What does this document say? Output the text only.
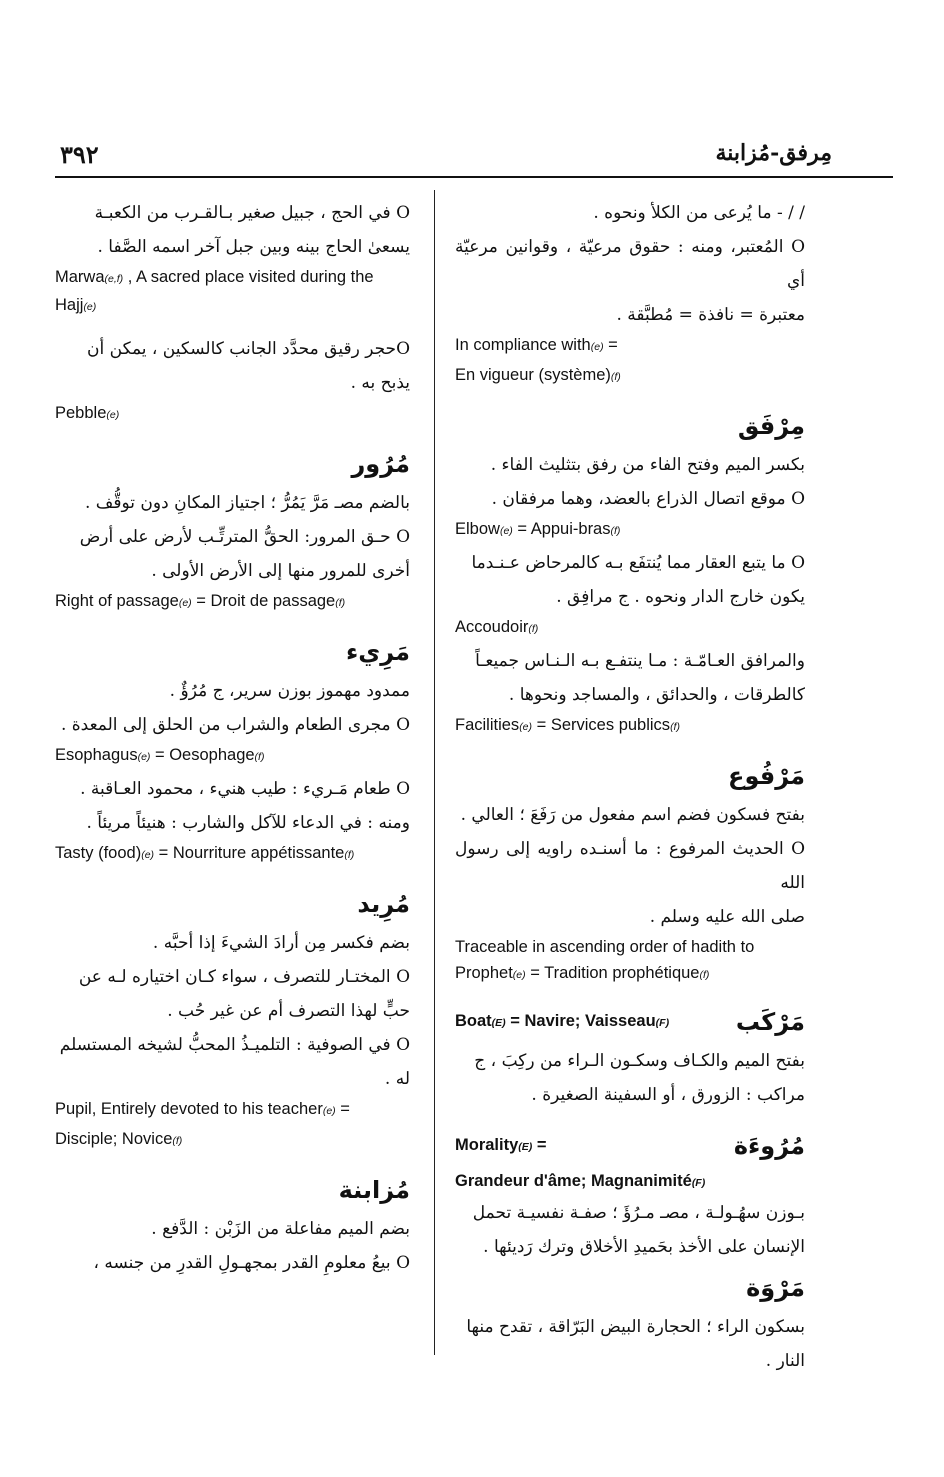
٣٩٢	مِرفق-مُزابنة

/ / - ما يُرعى من الكلأ ونحوه .

O المُعتبر، ومنه : حقوق مرعيّة ، وقوانين مرعيّة أي

معتبرة = نافذة = مُطبَّقة .

In compliance with(e) =

En vigueur (système)(f)

مِرْفَق

بكسر الميم وفتح الفاء من رفق بتثليث الفاء .

O موقع اتصال الذراع بالعضد، وهما مرفقان .

Elbow(e) = Appui-bras(f)

O ما يتبع العقار مما يُنتفَع بـه كالمرحاض عـنـدما

يكون خارج الدار ونحوه . ج مرافِق .

Accoudoir(f)

والمرافق العـامّـة : مـا ينتفـع بـه الـنـاس جميعـاً

كالطرقات ، والحدائق ، والمساجد ونحوها .

Facilities(e) = Services publics(f)

مَرْفُوع

بفتح فسكون فضم اسم مفعول من رَفَعَ ؛ العالي .

O الحديث المرفوع : ما أسنـده راويه إلى رسول الله

صلى الله عليه وسلم .

Traceable in ascending order of hadith to Prophet(e) = Tradition prophétique(f)

Boat(E) = Navire; Vaisseau(F)	مَرْكَب

بفتح الميم والكـاف وسكـون الـراء من ركِبَ ، ج

مراكب : الزورق ، أو السفينة الصغيرة .

Morality(E) =	مُرُوءَة

Grandeur d'âme; Magnanimité(F)

بـوزن سهُـولـة ، مصـ مـرُؤَ ؛ صفـة نفسيـة تحمل

الإنسان على الأخذ بحَميدِ الأخلاق وترك رَديئها .

مَرْوَة

بسكون الراء ؛ الحجارة البيض البَرّاقة ، تقدح منها

النار .

O في الحج ، جبيل صغير بـالقـرب من الكعبـة

يسعىٰ الحاج بينه وبين جبل آخر اسمه الصَّفا .

Marwa(e,f) , A sacred place visited during the Hajj(e)

Oحجر رقيق محدَّد الجانب كالسكين ، يمكن أن

يذبح به .

Pebble(e)

مُرُور

بالضم مصـ مَرَّ يَمُرُّ ؛ اجتياز المكانِ دون توقُّف .

O حـق المرور: الحقُّ المترتِّـب لأرض على أرض

أخرى للمرور منها إلى الأرض الأولى .

Right of passage(e) = Droit de passage(f)

مَرِيء

ممدود مهموز بوزن سرير، ج مُرُؤٌ .

O مجرى الطعام والشراب من الحلق إلى المعدة .

Esophagus(e) = Oesophage(f)

O طعام مَـريء : طيب هنيء ، محمود العـاقبة .

ومنه : في الدعاء للآكل والشارب : هنيئاً مريئاً .

Tasty (food)(e) = Nourriture appétissante(f)

مُرِيد

بضم فكسر مِن أرادَ الشيءَ إذا أحبَّه .

O المختـار للتصرف ، سواء كـان اختياره لـه عن

حبٍّ لهذا التصرف أم عن غير حُب .

O في الصوفية : التلميـذُ المحبُّ لشيخه المستسلم

له .

Pupil, Entirely devoted to his teacher(e) =

Disciple; Novice(f)

مُزابنة

بضم الميم مفاعلة من الزَبْن : الدَّفع .

O بيعُ معلومِ القدر بمجهـولِ القدرِ من جنسه ،
